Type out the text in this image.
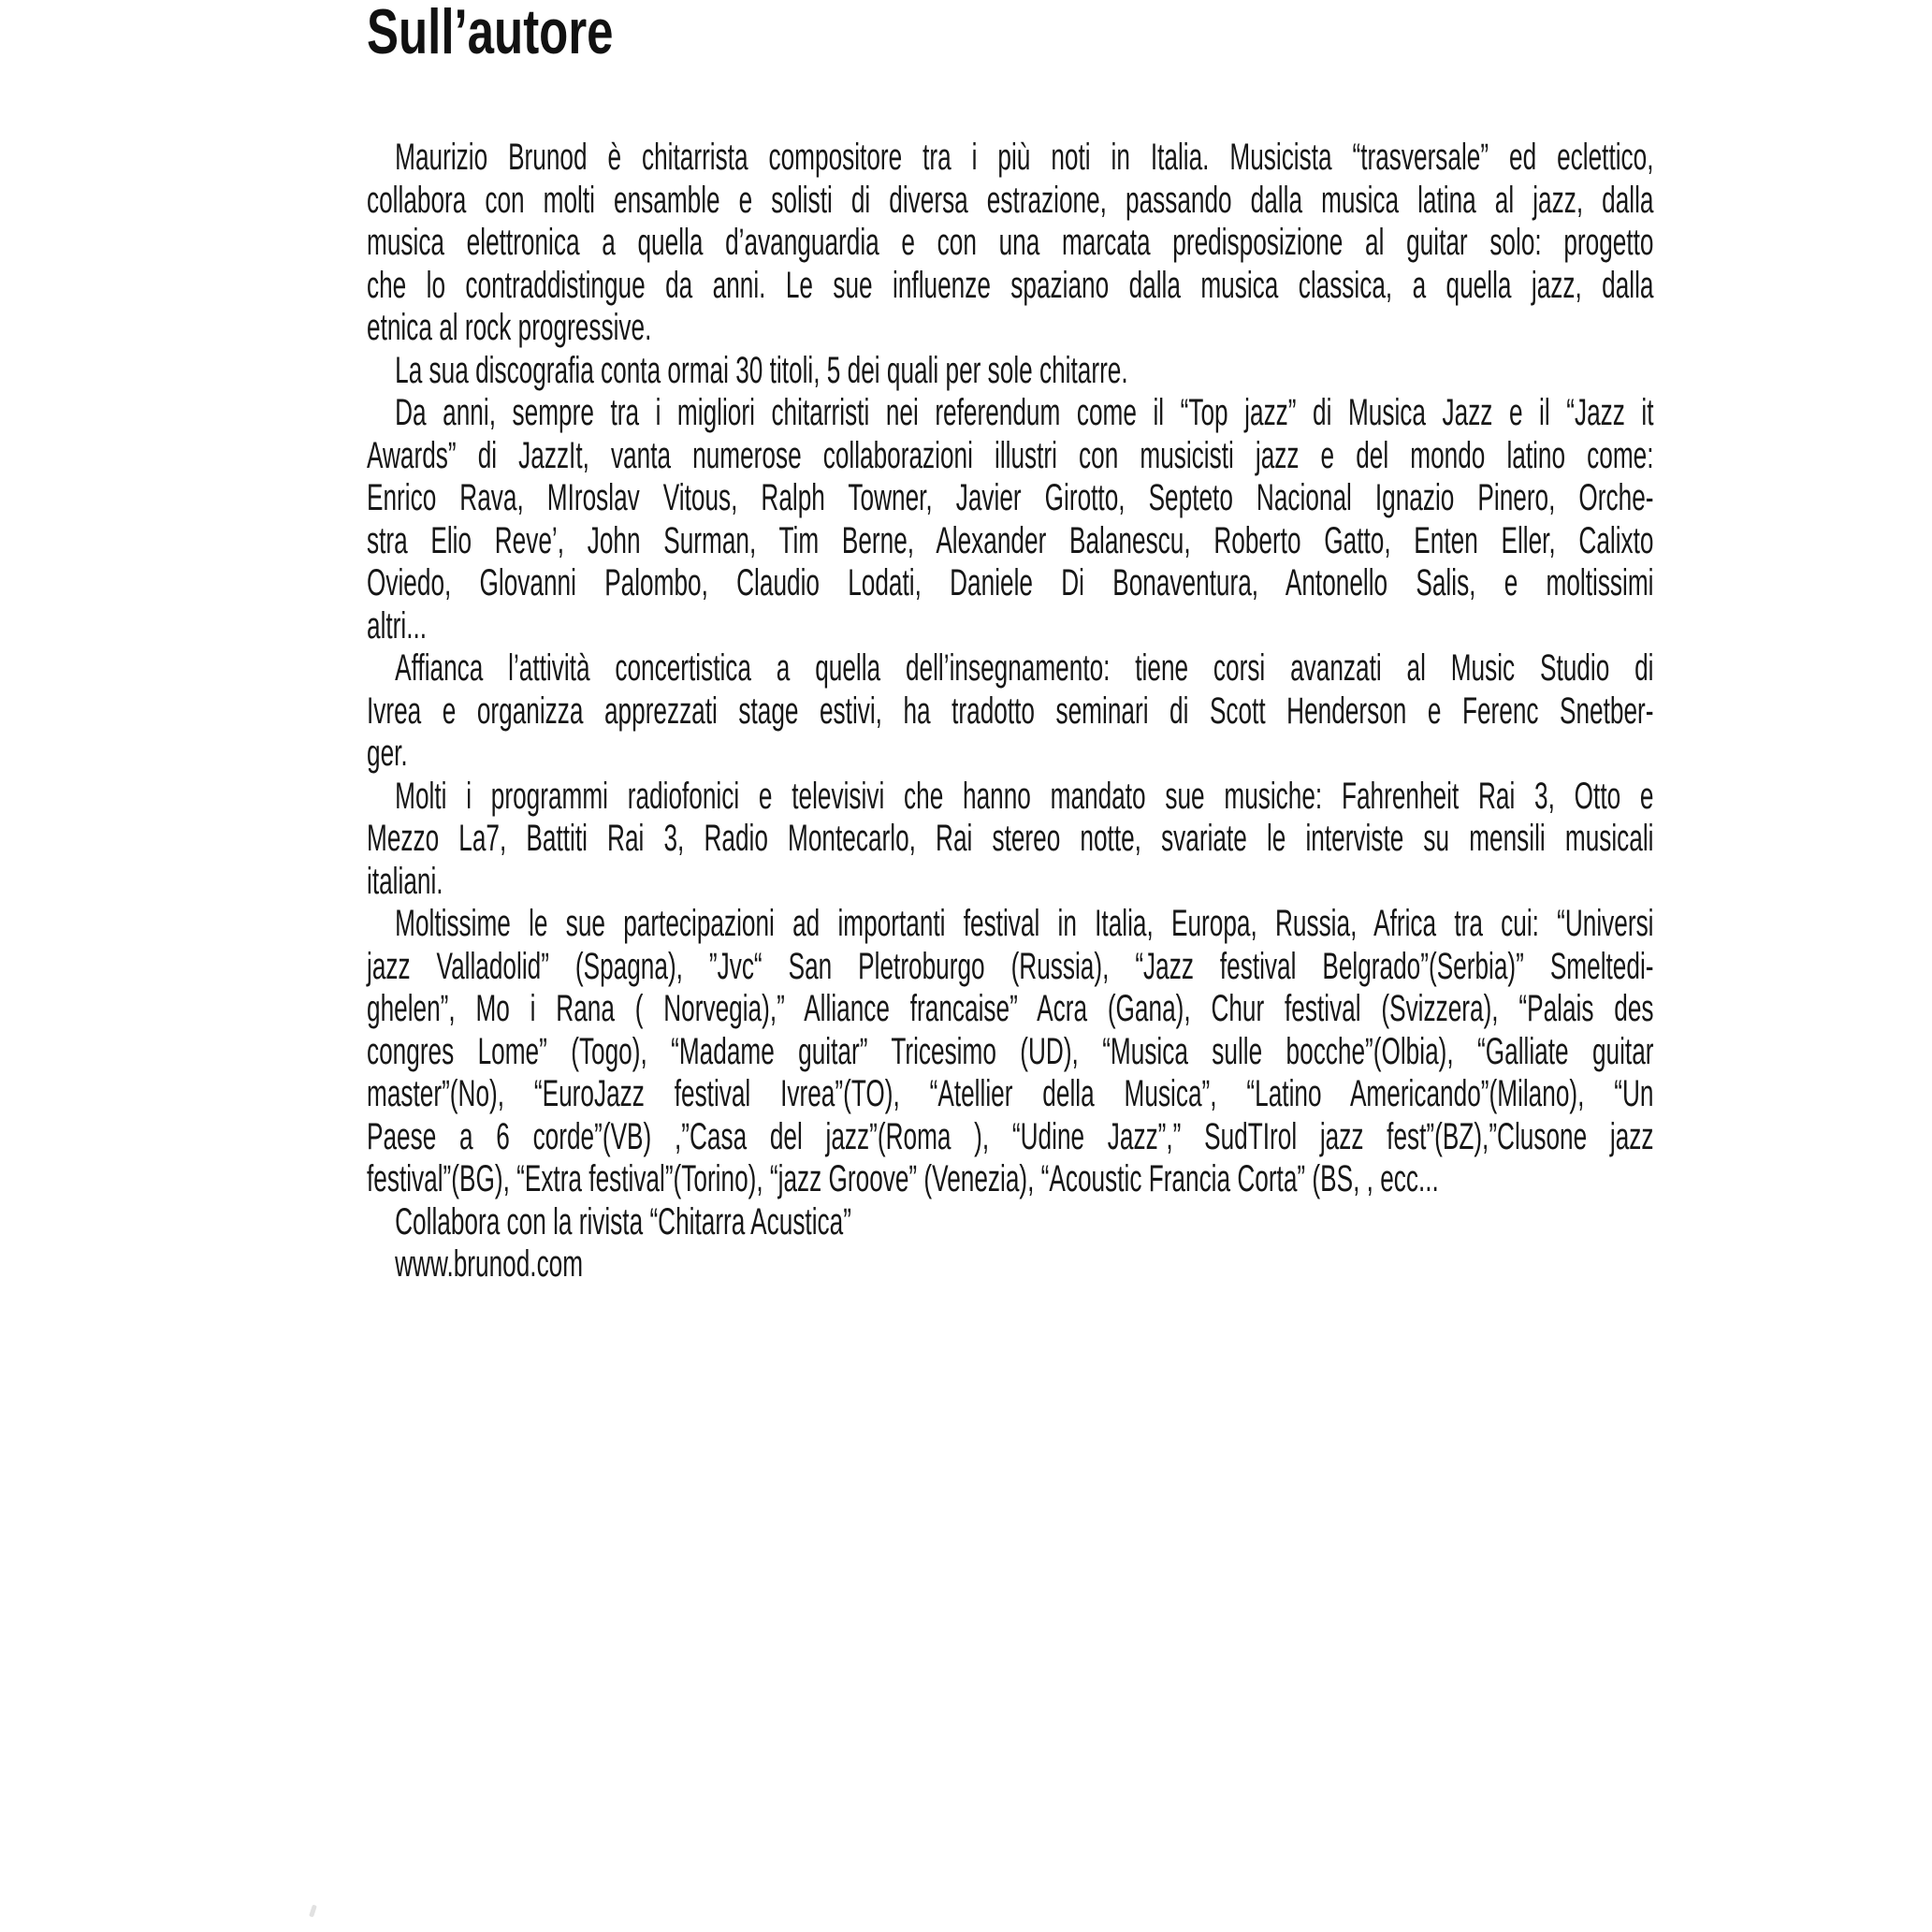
Sull’autore
Maurizio Brunod è chitarrista compositore tra i più noti in Italia. Musicista “trasversale” ed eclettico,
collabora con molti ensamble e solisti di diversa estrazione, passando dalla musica latina al jazz, dalla
musica elettronica a quella d’avanguardia e con una marcata predisposizione al guitar solo: progetto
che lo contraddistingue da anni. Le sue influenze spaziano dalla musica classica, a quella jazz, dalla
etnica al rock progressive.
La sua discografia conta ormai 30 titoli, 5 dei quali per sole chitarre.
Da anni, sempre tra i migliori chitarristi nei referendum come il “Top jazz” di Musica Jazz e il “Jazz it
Awards” di JazzIt, vanta numerose collaborazioni illustri con musicisti jazz e del mondo latino come:
Enrico Rava, MIroslav Vitous, Ralph Towner, Javier Girotto, Septeto Nacional Ignazio Pinero, Orche-
stra Elio Reve’, John Surman, Tim Berne, Alexander Balanescu, Roberto Gatto, Enten Eller, Calixto
Oviedo, Glovanni Palombo, Claudio Lodati, Daniele Di Bonaventura, Antonello Salis, e moltissimi
altri...
Affianca l’attività concertistica a quella dell’insegnamento: tiene corsi avanzati al Music Studio di
Ivrea e organizza apprezzati stage estivi, ha tradotto seminari di Scott Henderson e Ferenc Snetber-
ger.
Molti i programmi radiofonici e televisivi che hanno mandato sue musiche: Fahrenheit Rai 3, Otto e
Mezzo La7, Battiti Rai 3, Radio Montecarlo, Rai stereo notte, svariate le interviste su mensili musicali
italiani.
Moltissime le sue partecipazioni ad importanti festival in Italia, Europa, Russia, Africa tra cui: “Universi
jazz Valladolid” (Spagna), ”Jvc“ San Pletroburgo (Russia), “Jazz festival Belgrado”(Serbia)” Smeltedi-
ghelen”, Mo i Rana ( Norvegia),” Alliance francaise” Acra (Gana), Chur festival (Svizzera), “Palais des
congres Lome” (Togo), “Madame guitar” Tricesimo (UD), “Musica sulle bocche”(Olbia), “Galliate guitar
master”(No), “EuroJazz festival Ivrea”(TO), “Atellier della Musica”, “Latino Americando”(Milano), “Un
Paese a 6 corde”(VB) ,”Casa del jazz”(Roma ), “Udine Jazz”,” SudTIrol jazz fest”(BZ),”Clusone jazz
festival”(BG), “Extra festival”(Torino), “jazz Groove” (Venezia), “Acoustic Francia Corta” (BS, , ecc...
Collabora con la rivista “Chitarra Acustica”
www.brunod.com
